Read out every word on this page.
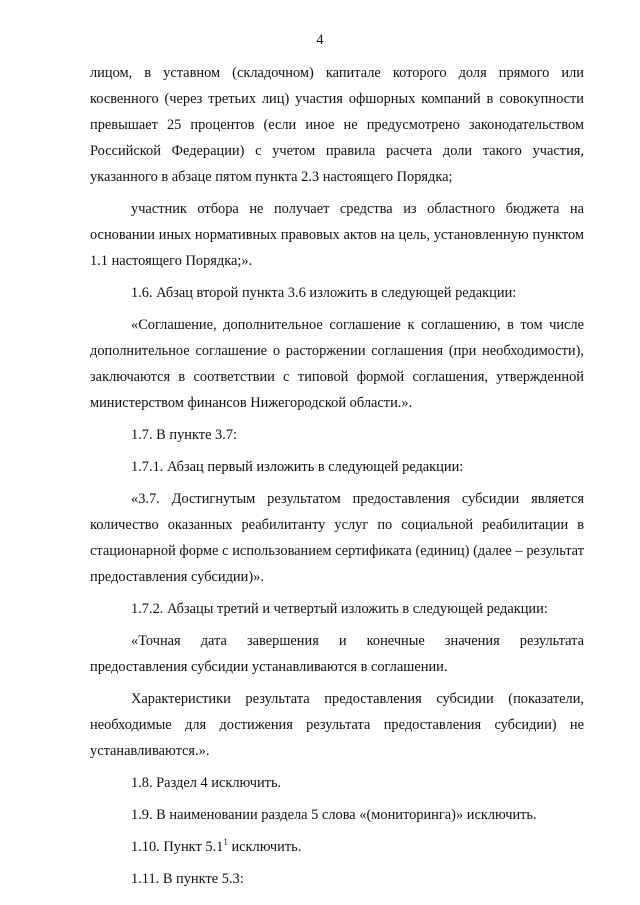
4

лицом, в уставном (складочном) капитале которого доля прямого или косвенного (через третьих лиц) участия офшорных компаний в совокупности превышает 25 процентов (если иное не предусмотрено законодательством Российской Федерации) с учетом правила расчета доли такого участия, указанного в абзаце пятом пункта 2.3 настоящего Порядка;

участник отбора не получает средства из областного бюджета на основании иных нормативных правовых актов на цель, установленную пунктом 1.1 настоящего Порядка;».

1.6. Абзац второй пункта 3.6 изложить в следующей редакции:

«Соглашение, дополнительное соглашение к соглашению, в том числе дополнительное соглашение о расторжении соглашения (при необходимости), заключаются в соответствии с типовой формой соглашения, утвержденной министерством финансов Нижегородской области.».

1.7. В пункте 3.7:

1.7.1. Абзац первый изложить в следующей редакции:

«3.7. Достигнутым результатом предоставления субсидии является количество оказанных реабилитанту услуг по социальной реабилитации в стационарной форме с использованием сертификата (единиц) (далее – результат предоставления субсидии)».

1.7.2. Абзацы третий и четвертый изложить в следующей редакции:

«Точная дата завершения и конечные значения результата предоставления субсидии устанавливаются в соглашении.

Характеристики результата предоставления субсидии (показатели, необходимые для достижения результата предоставления субсидии) не устанавливаются.».

1.8. Раздел 4 исключить.

1.9. В наименовании раздела 5 слова «(мониторинга)» исключить.

1.10. Пункт $5.1^1$ исключить.

1.11. В пункте 5.3:
